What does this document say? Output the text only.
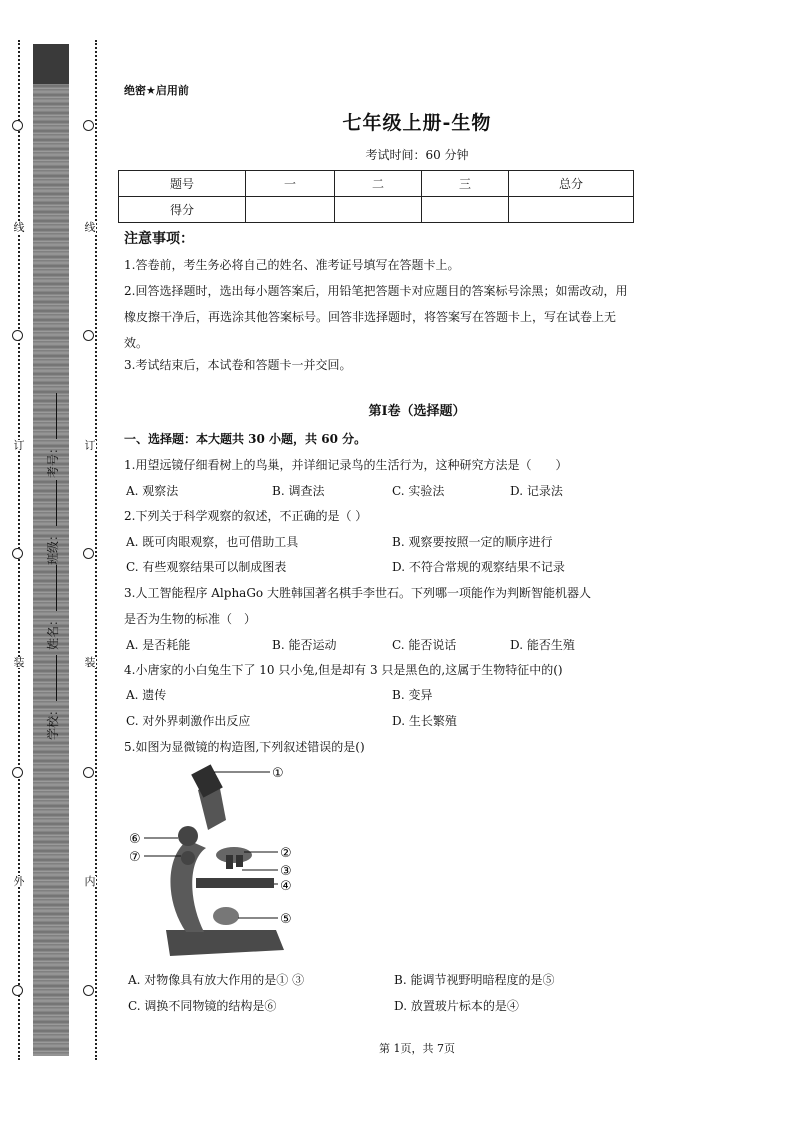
线
订
装
外
线
订
装
内
学校：
姓名：
班级：
考号：
绝密★启用前
七年级上册-生物
考试时间：60 分钟
题号	一	二	三	总分
得分				
注意事项：
1.答卷前，考生务必将自己的姓名、准考证号填写在答题卡上。
2.回答选择题时，选出每小题答案后，用铅笔把答题卡对应题目的答案标号涂黑；如需改动，用橡皮擦干净后，再选涂其他答案标号。回答非选择题时，将答案写在答题卡上，写在试卷上无效。
3.考试结束后，本试卷和答题卡一并交回。
第Ⅰ卷（选择题）
一、选择题：本大题共 30 小题，共 60 分。
1.用望远镜仔细看树上的鸟巢，并详细记录鸟的生活行为，这种研究方法是（　　）
A. 观察法	B. 调查法	C. 实验法	D. 记录法
2.下列关于科学观察的叙述，不正确的是（ ）
A. 既可肉眼观察，也可借助工具	B. 观察要按照一定的顺序进行
C. 有些观察结果可以制成图表	D. 不符合常规的观察结果不记录
3.人工智能程序 AlphaGo 大胜韩国著名棋手李世石。下列哪一项能作为判断智能机器人
是否为生物的标准（　）
A. 是否耗能	B. 能否运动	C. 能否说话	D. 能否生殖
4.小唐家的小白兔生下了 10 只小兔,但是却有 3 只是黑色的,这属于生物特征中的()
A. 遗传	B. 变异
C. 对外界刺激作出反应	D. 生长繁殖
5.如图为显微镜的构造图,下列叙述错误的是()
①
②
③
④
⑤
⑥
⑦
A. 对物像具有放大作用的是① ③	B. 能调节视野明暗程度的是⑤
C. 调换不同物镜的结构是⑥	D. 放置玻片标本的是④
第 1页，共 7页
